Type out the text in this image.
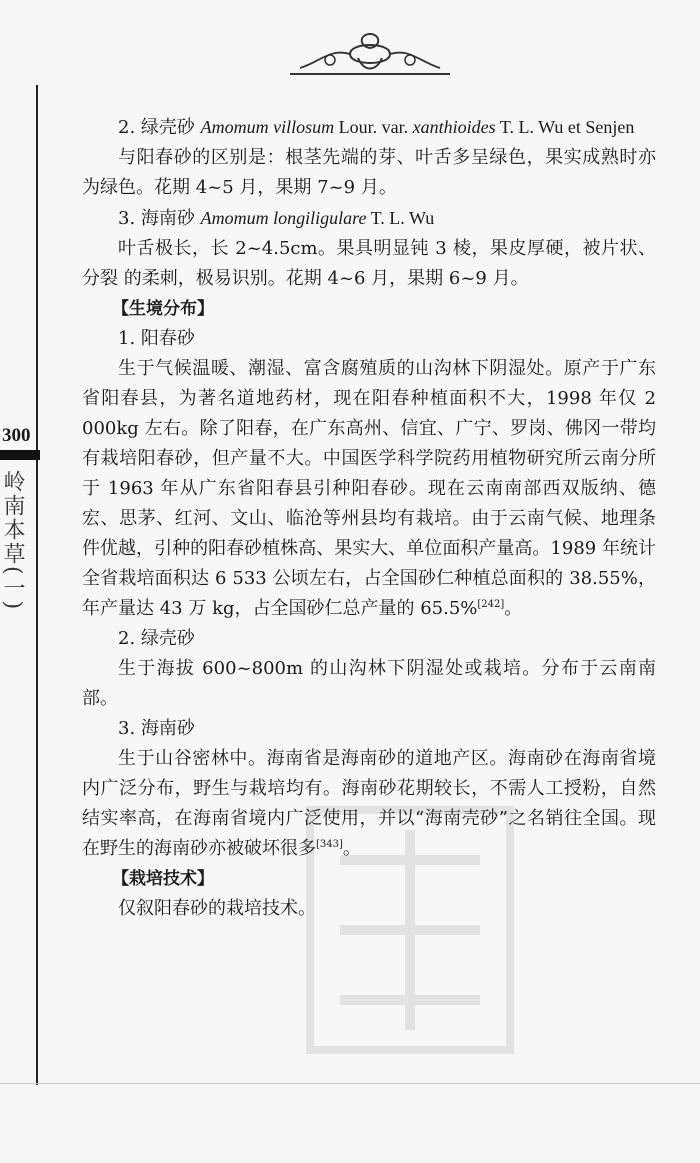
300
岭南本草(一)

2. 绿壳砂 Amomum villosum Lour. var. xanthioides T. L. Wu et Senjen

与阳春砂的区别是：根茎先端的芽、叶舌多呈绿色，果实成熟时亦为绿色。花期 4~5 月，果期 7~9 月。

3. 海南砂 Amomum longiligulare T. L. Wu

叶舌极长，长 2~4.5cm。果具明显钝 3 棱，果皮厚硬，被片状、分裂 的柔刺，极易识别。花期 4~6 月，果期 6~9 月。

【生境分布】

1. 阳春砂

生于气候温暖、潮湿、富含腐殖质的山沟林下阴湿处。原产于广东省阳春县，为著名道地药材，现在阳春种植面积不大，1998 年仅 2 000kg 左右。除了阳春，在广东高州、信宜、广宁、罗岗、佛冈一带均有栽培阳春砂，但产量不大。中国医学科学院药用植物研究所云南分所于 1963 年从广东省阳春县引种阳春砂。现在云南南部西双版纳、德宏、思茅、红河、文山、临沧等州县均有栽培。由于云南气候、地理条件优越，引种的阳春砂植株高、果实大、单位面积产量高。1989 年统计全省栽培面积达 6 533 公顷左右，占全国砂仁种植总面积的 38.55%，年产量达 43 万 kg，占全国砂仁总产量的 65.5%[242]。

2. 绿壳砂

生于海拔 600~800m 的山沟林下阴湿处或栽培。分布于云南南部。

3. 海南砂

生于山谷密林中。海南省是海南砂的道地产区。海南砂在海南省境内广泛分布，野生与栽培均有。海南砂花期较长，不需人工授粉，自然结实率高，在海南省境内广泛使用，并以“海南壳砂”之名销往全国。现在野生的海南砂亦被破坏很多[343]。

【栽培技术】

仅叙阳春砂的栽培技术。
